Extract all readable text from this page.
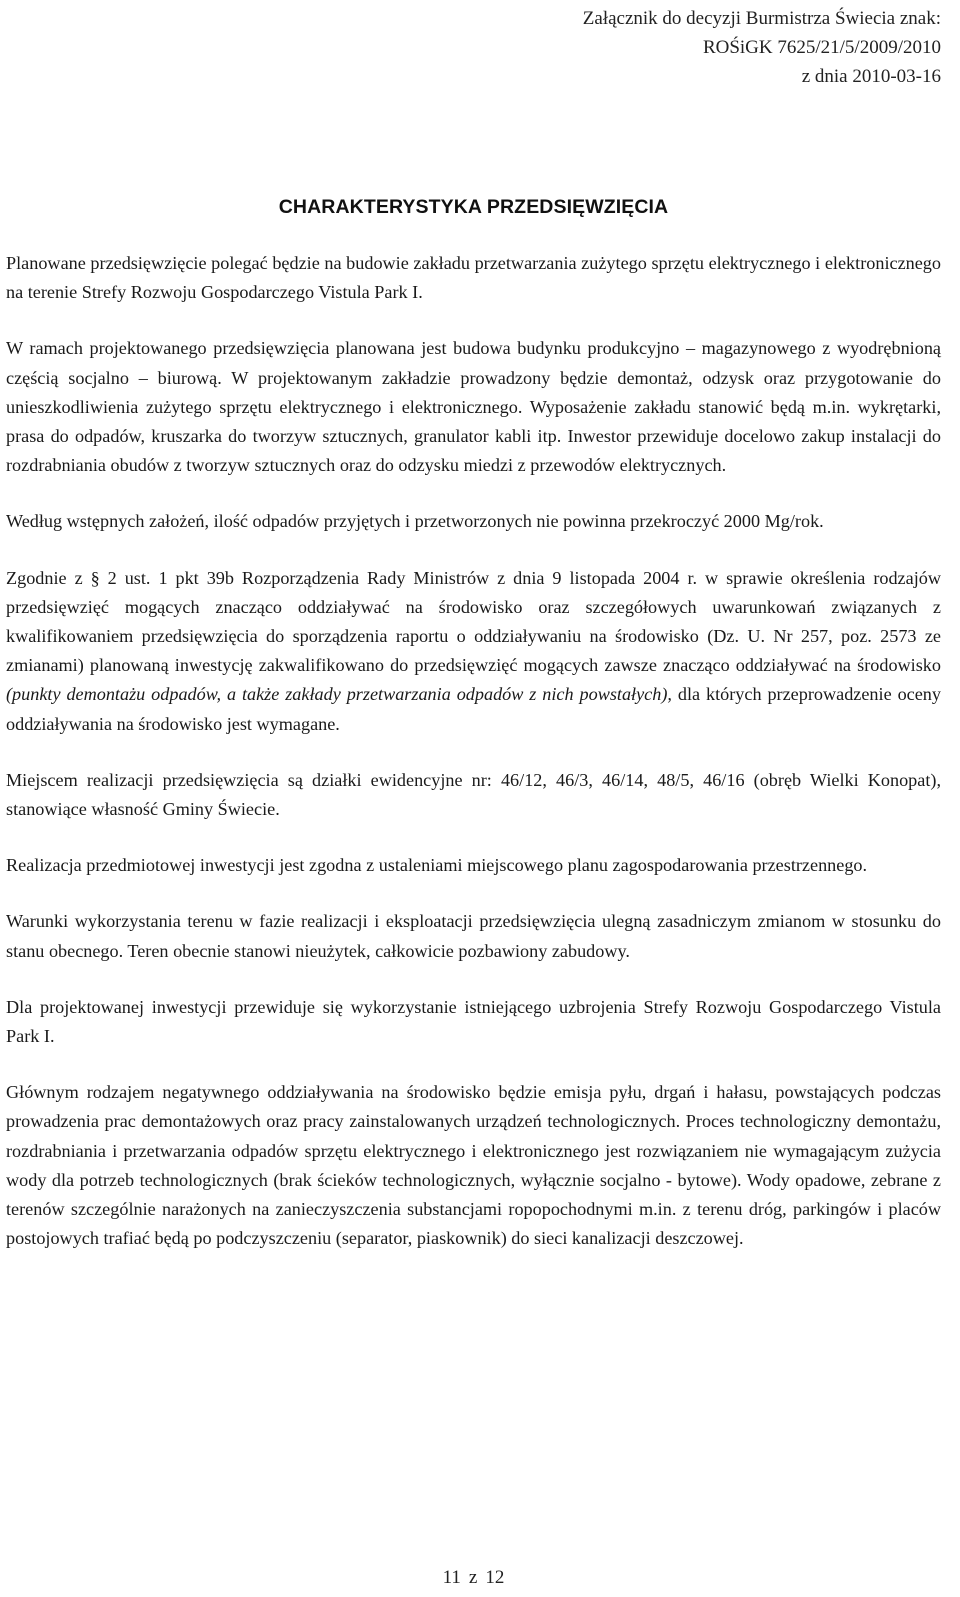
Załącznik do decyzji Burmistrza Świecia znak:
ROŚiGK 7625/21/5/2009/2010
z dnia 2010-03-16
CHARAKTERYSTYKA PRZEDSIĘWZIĘCIA

Planowane przedsięwzięcie polegać będzie na budowie zakładu przetwarzania zużytego sprzętu elektrycznego i elektronicznego na terenie Strefy Rozwoju Gospodarczego Vistula Park I.

W ramach projektowanego przedsięwzięcia planowana jest budowa budynku produkcyjno – magazynowego z wyodrębnioną częścią socjalno – biurową. W projektowanym zakładzie prowadzony będzie demontaż, odzysk oraz przygotowanie do unieszkodliwienia zużytego sprzętu elektrycznego i elektronicznego. Wyposażenie zakładu stanowić będą m.in. wykrętarki, prasa do odpadów, kruszarka do tworzyw sztucznych, granulator kabli itp. Inwestor przewiduje docelowo zakup instalacji do rozdrabniania obudów z tworzyw sztucznych oraz do odzysku miedzi z przewodów elektrycznych.

Według wstępnych założeń, ilość odpadów przyjętych i przetworzonych nie powinna przekroczyć 2000 Mg/rok.

Zgodnie z § 2 ust. 1 pkt 39b Rozporządzenia Rady Ministrów z dnia 9 listopada 2004 r. w sprawie określenia rodzajów przedsięwzięć mogących znacząco oddziaływać na środowisko oraz szczegółowych uwarunkowań związanych z kwalifikowaniem przedsięwzięcia do sporządzenia raportu o oddziaływaniu na środowisko (Dz. U. Nr 257, poz. 2573 ze zmianami) planowaną inwestycję zakwalifikowano do przedsięwzięć mogących zawsze znacząco oddziaływać na środowisko (punkty demontażu odpadów, a także zakłady przetwarzania odpadów z nich powstałych), dla których przeprowadzenie oceny oddziaływania na środowisko jest wymagane.

Miejscem realizacji przedsięwzięcia są działki ewidencyjne nr: 46/12, 46/3, 46/14, 48/5, 46/16 (obręb Wielki Konopat), stanowiące własność Gminy Świecie.

Realizacja przedmiotowej inwestycji jest zgodna z ustaleniami miejscowego planu zagospodarowania przestrzennego.

Warunki wykorzystania terenu w fazie realizacji i eksploatacji przedsięwzięcia ulegną zasadniczym zmianom w stosunku do stanu obecnego. Teren obecnie stanowi nieużytek, całkowicie pozbawiony zabudowy.

Dla projektowanej inwestycji przewiduje się wykorzystanie istniejącego uzbrojenia Strefy Rozwoju Gospodarczego Vistula Park I.

Głównym rodzajem negatywnego oddziaływania na środowisko będzie emisja pyłu, drgań i hałasu, powstających podczas prowadzenia prac demontażowych oraz pracy zainstalowanych urządzeń technologicznych. Proces technologiczny demontażu, rozdrabniania i przetwarzania odpadów sprzętu elektrycznego i elektronicznego jest rozwiązaniem nie wymagającym zużycia wody dla potrzeb technologicznych (brak ścieków technologicznych, wyłącznie socjalno - bytowe). Wody opadowe, zebrane z terenów szczególnie narażonych na zanieczyszczenia substancjami ropopochodnymi m.in. z terenu dróg, parkingów i placów postojowych trafiać będą po podczyszczeniu (separator, piaskownik) do sieci kanalizacji deszczowej.

11 z 12
